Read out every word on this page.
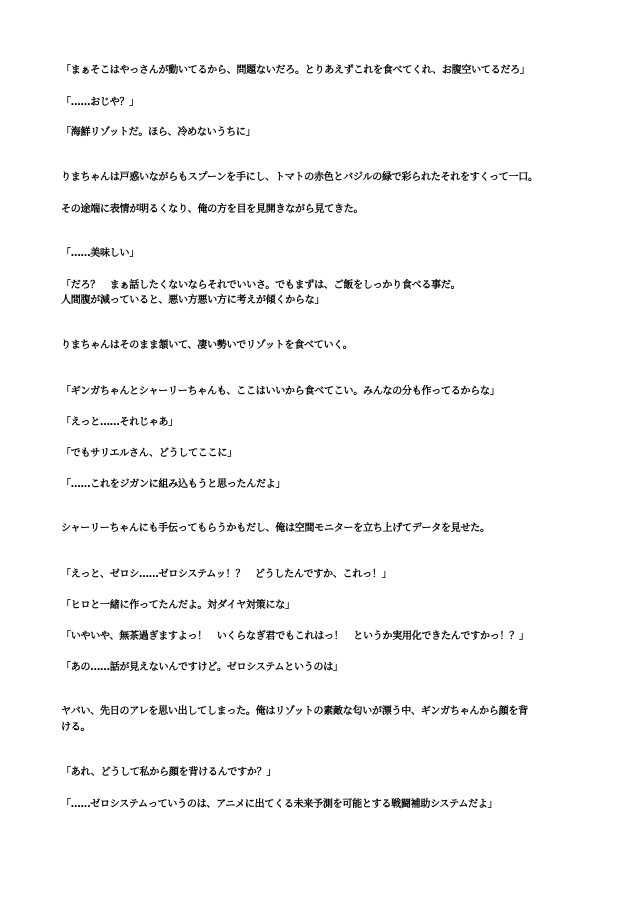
「まぁそこはやっさんが動いてるから、問題ないだろ。とりあえずこれを食べてくれ、お腹空いてるだろ」
「……おじや？」
「海鮮リゾットだ。ほら、冷めないうちに」
りまちゃんは戸惑いながらもスプーンを手にし、トマトの赤色とバジルの緑で彩られたそれをすくって一口。
その途端に表情が明るくなり、俺の方を目を見開きながら見てきた。
「……美味しい」
「だろ？　まぁ話したくないならそれでいいさ。でもまずは、ご飯をしっかり食べる事だ。
人間腹が減っていると、悪い方悪い方に考えが傾くからな」
りまちゃんはそのまま頷いて、凄い勢いでリゾットを食べていく。
「ギンガちゃんとシャーリーちゃんも、ここはいいから食べてこい。みんなの分も作ってるからな」
「えっと……それじゃあ」
「でもサリエルさん、どうしてここに」
「……これをジガンに組み込もうと思ったんだよ」
シャーリーちゃんにも手伝ってもらうかもだし、俺は空間モニターを立ち上げてデータを見せた。
「えっと、ゼロシ……ゼロシステムッ！？　どうしたんですか、これっ！」
「ヒロと一緒に作ってたんだよ。対ダイヤ対策にな」
「いやいや、無茶過ぎますよっ！　いくらなぎ君でもこれはっ！　というか実用化できたんですかっ！？」
「あの……話が見えないんですけど。ゼロシステムというのは」
ヤバい、先日のアレを思い出してしまった。俺はリゾットの素敵な匂いが漂う中、ギンガちゃんから顔を背
ける。
「あれ、どうして私から顔を背けるんですか？」
「……ゼロシステムっていうのは、アニメに出てくる未来予測を可能とする戦闘補助システムだよ」
